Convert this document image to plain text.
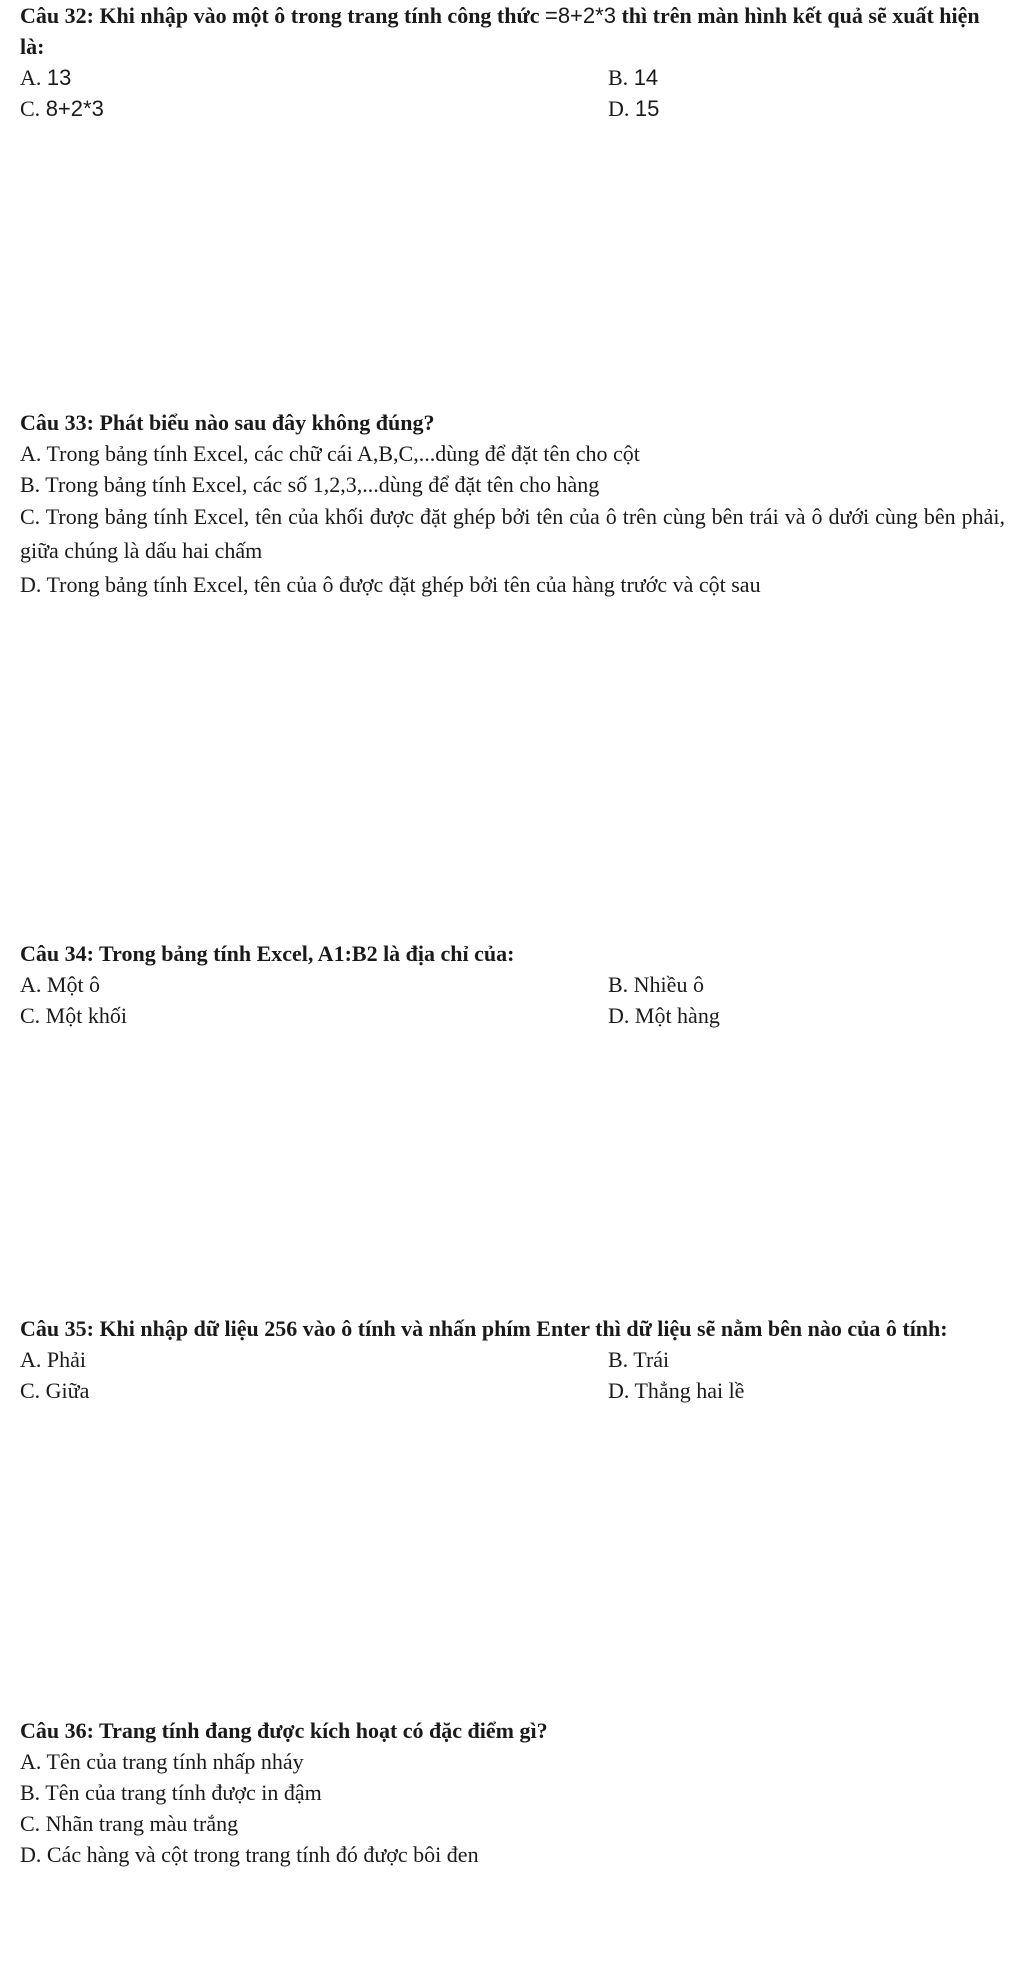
Câu 32: Khi nhập vào một ô trong trang tính công thức =8+2*3 thì trên màn hình kết quả sẽ xuất hiện là:

A. 13	B. 14
C. 8+2*3	D. 15

Câu 33: Phát biểu nào sau đây không đúng?

A. Trong bảng tính Excel, các chữ cái A,B,C,...dùng để đặt tên cho cột
B. Trong bảng tính Excel, các số 1,2,3,...dùng để đặt tên cho hàng
C. Trong bảng tính Excel, tên của khối được đặt ghép bởi tên của ô trên cùng bên trái và ô dưới cùng bên phải, giữa chúng là dấu hai chấm
D. Trong bảng tính Excel, tên của ô được đặt ghép bởi tên của hàng trước và cột sau

Câu 34: Trong bảng tính Excel, A1:B2 là địa chỉ của:

A. Một ô	B. Nhiều ô
C. Một khối	D. Một hàng

Câu 35: Khi nhập dữ liệu 256 vào ô tính và nhấn phím Enter thì dữ liệu sẽ nằm bên nào của ô tính:

A. Phải	B. Trái
C. Giữa	D. Thẳng hai lề

Câu 36: Trang tính đang được kích hoạt có đặc điểm gì?

A. Tên của trang tính nhấp nháy
B. Tên của trang tính được in đậm
C. Nhãn trang màu trắng
D. Các hàng và cột trong trang tính đó được bôi đen
